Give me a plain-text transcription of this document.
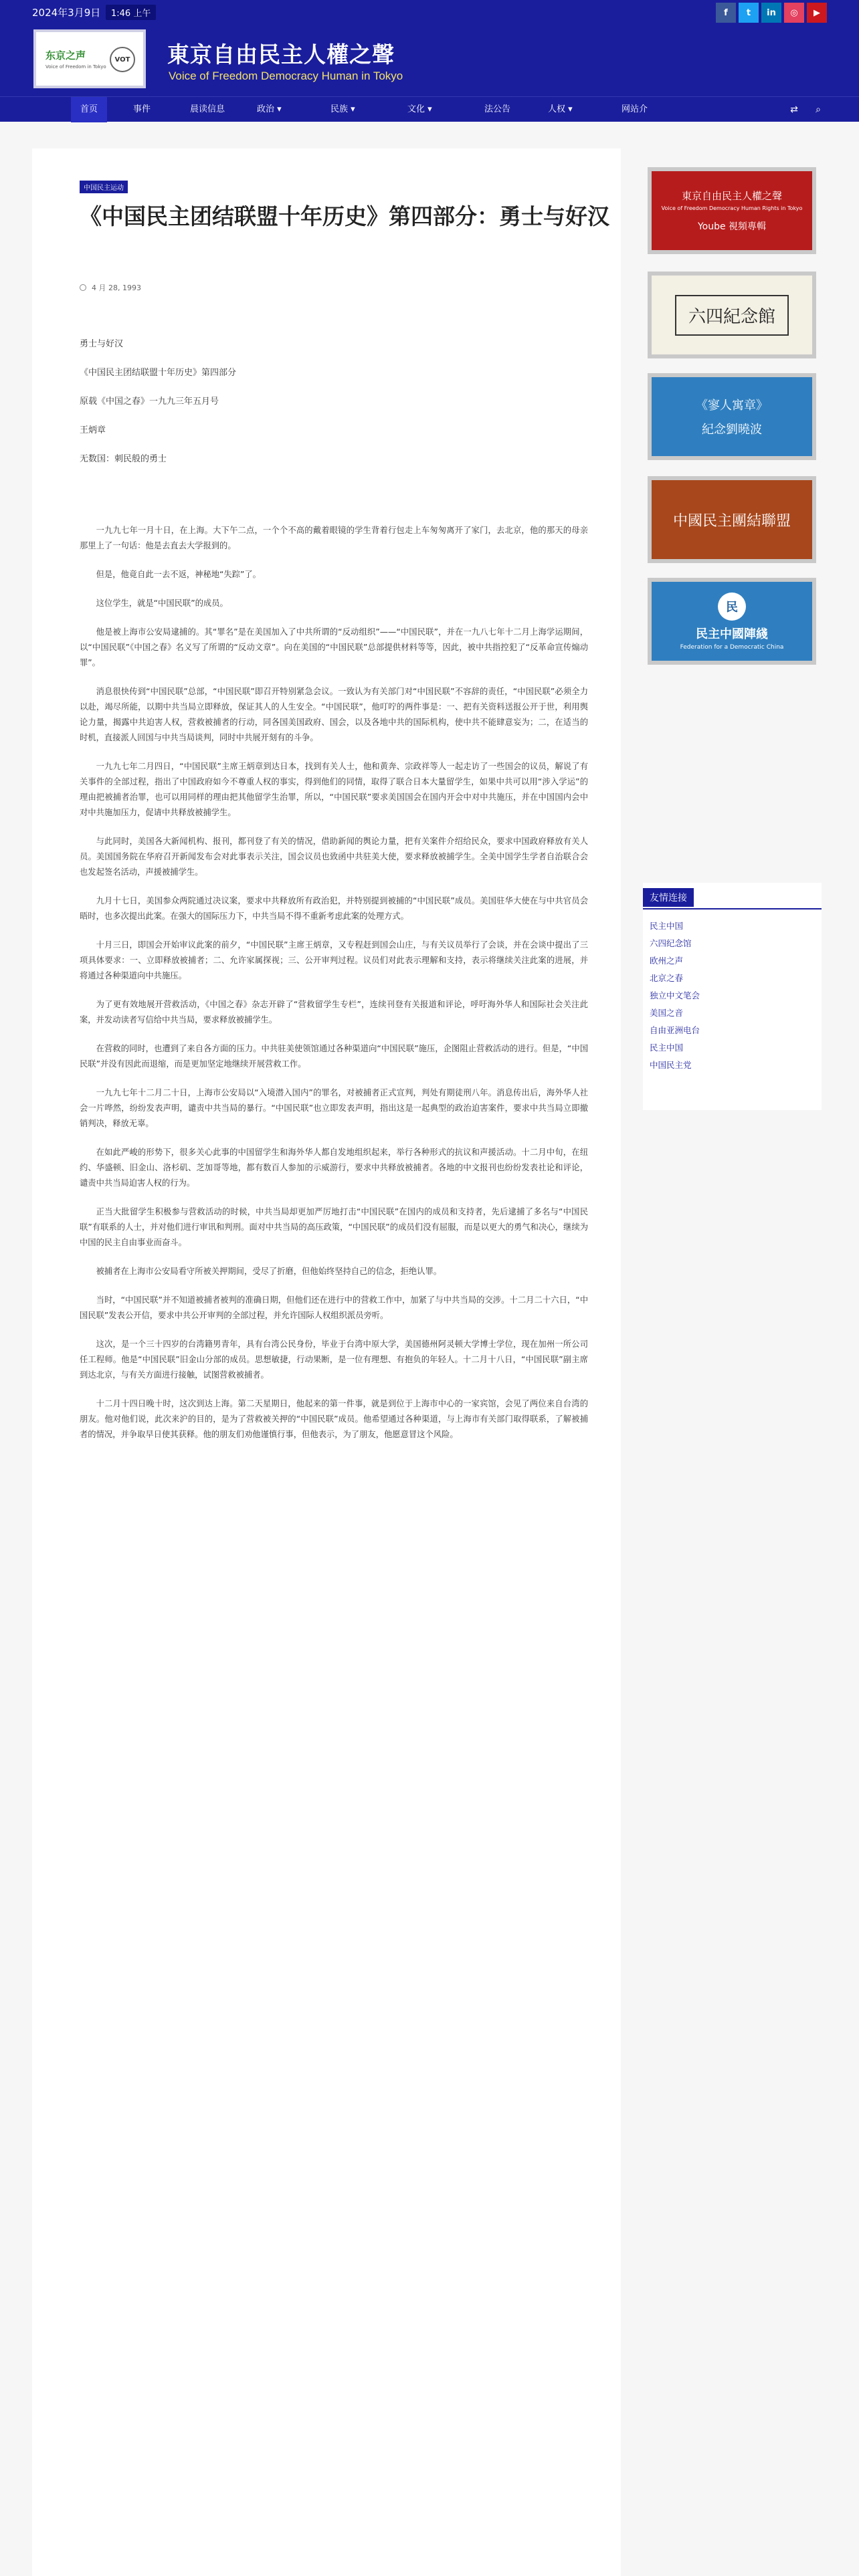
2024年3月9日	1:46 上午	f	t	in	◎	▶
东京之声
Voice of Freedom in Tokyo
VOT 東京自由民主人權之聲
Voice of Freedom Democracy Human in Tokyo
首页	事件	晨读信息	政治 ▾	民族 ▾	文化 ▾	法公告	人权 ▾	网站介	⇄	⌕
中国民主运动
《中国民主团结联盟十年历史》第四部分：勇士与好汉
4 月 28, 1993

勇士与好汉

《中国民主团结联盟十年历史》第四部分

原载《中国之春》一九九三年五月号

王炳章

无数国：刺民般的勇士

一九九七年一月十日，在上海。大下午二点，一个个不高的戴着眼镜的学生背着行包走上车匆匆离开了家门，去北京，他的那天的母亲那里上了一句话：他是去直去大学报到的。

但是，他竟自此一去不返，神秘地“失踪”了。

这位学生，就是“中国民联”的成员。

他是被上海市公安局逮捕的。其“罪名”是在美国加入了中共所谓的“反动组织”——“中国民联”，并在一九八七年十二月上海学运期间，以“中国民联”《中国之春》名义写了所谓的“反动文章”。向在美国的“中国民联”总部提供材料等等，因此，被中共指控犯了“反革命宣传煽动罪”。

消息很快传到“中国民联”总部，“中国民联”即召开特别紧急会议。一致认为有关部门对“中国民联”不容辞的责任，“中国民联”必须全力以赴，竭尽所能，以期中共当局立即释放，保证其人的人生安全。“中国民联”，他叮咛的两件事是：一、把有关资料送报公开于世，利用舆论力量，揭露中共迫害人权，营救被捕者的行动，同各国美国政府、国会，以及各地中共的国际机构，使中共不能肆意妄为；二，在适当的时机，直接派人回国与中共当局谈判，同时中共展开刻有的斗争。

一九九七年二月四日，“中国民联”主席王炳章到达日本，找到有关人士，他和黄奔、宗政祥等人一起走访了一些国会的议员，解说了有关事件的全部过程，指出了中国政府如今不尊重人权的事实，得到他们的同情，取得了联合日本大量留学生，如果中共可以用“涉入学运”的理由把被捕者治罪，也可以用同样的理由把其他留学生治罪，所以，“中国民联”要求美国国会在国内开会中对中共施压，并在中国国内会中对中共施加压力，促请中共释放被捕学生。

与此同时，美国各大新闻机构、报刊，都刊登了有关的情况，借助新闻的舆论力量，把有关案件介绍给民众，要求中国政府释放有关人员。美国国务院在华府召开新闻发布会对此事表示关注，国会议员也致函中共驻美大使，要求释放被捕学生。全美中国学生学者自治联合会也发起签名活动，声援被捕学生。

九月十七日，美国参众两院通过决议案，要求中共释放所有政治犯，并特别提到被捕的“中国民联”成员。美国驻华大使在与中共官员会晤时，也多次提出此案。在强大的国际压力下，中共当局不得不重新考虑此案的处理方式。

十月三日，即国会开始审议此案的前夕，“中国民联”主席王炳章，又专程赶到国会山庄，与有关议员举行了会谈，并在会谈中提出了三项具体要求：一、立即释放被捕者；二、允许家属探视；三、公开审判过程。议员们对此表示理解和支持，表示将继续关注此案的进展，并将通过各种渠道向中共施压。

为了更有效地展开营救活动，《中国之春》杂志开辟了“营救留学生专栏”，连续刊登有关报道和评论，呼吁海外华人和国际社会关注此案，并发动读者写信给中共当局，要求释放被捕学生。

在营救的同时，也遭到了来自各方面的压力。中共驻美使领馆通过各种渠道向“中国民联”施压，企图阻止营救活动的进行。但是，“中国民联”并没有因此而退缩，而是更加坚定地继续开展营救工作。

一九九七年十二月二十日，上海市公安局以“入境潜入国内”的罪名，对被捕者正式宣判，判处有期徒刑八年。消息传出后，海外华人社会一片哗然，纷纷发表声明，谴责中共当局的暴行。“中国民联”也立即发表声明，指出这是一起典型的政治迫害案件，要求中共当局立即撤销判决，释放无辜。

在如此严峻的形势下，很多关心此事的中国留学生和海外华人都自发地组织起来，举行各种形式的抗议和声援活动。十二月中旬，在纽约、华盛顿、旧金山、洛杉矶、芝加哥等地，都有数百人参加的示威游行，要求中共释放被捕者。各地的中文报刊也纷纷发表社论和评论，谴责中共当局迫害人权的行为。

正当大批留学生积极参与营救活动的时候，中共当局却更加严厉地打击“中国民联”在国内的成员和支持者，先后逮捕了多名与“中国民联”有联系的人士，并对他们进行审讯和判刑。面对中共当局的高压政策，“中国民联”的成员们没有屈服，而是以更大的勇气和决心，继续为中国的民主自由事业而奋斗。

被捕者在上海市公安局看守所被关押期间，受尽了折磨，但他始终坚持自己的信念，拒绝认罪。

当时，“中国民联”并不知道被捕者被判的准确日期，但他们还在进行中的营救工作中，加紧了与中共当局的交涉。十二月二十六日，“中国民联”发表公开信，要求中共公开审判的全部过程，并允许国际人权组织派员旁听。

这次，是一个三十四岁的台湾籍男青年，具有台湾公民身份，毕业于台湾中原大学，美国德州阿灵顿大学博士学位，现在加州一所公司任工程师。他是“中国民联”旧金山分部的成员。思想敏捷，行动果断，是一位有理想、有抱负的年轻人。十二月十八日，“中国民联”副主席到达北京，与有关方面进行接触，试图营救被捕者。

十二月十四日晚十时，这次到达上海。第二天星期日，他起来的第一件事，就是到位于上海市中心的一家宾馆，会见了两位来自台湾的朋友。他对他们说，此次来沪的目的，是为了营救被关押的“中国民联”成员。他希望通过各种渠道，与上海市有关部门取得联系，了解被捕者的情况，并争取早日使其获释。他的朋友们劝他谨慎行事，但他表示，为了朋友，他愿意冒这个风险。

東京自由民主人權之聲
Voice of Freedom Democracy Human Rights in Tokyo
Yoube 視頻專輯
六四紀念館
《寥人寓章》
紀念劉曉波
中國民主團結聯盟
民
民主中國陣綫
Federation for a Democratic China
友情连接
民主中国
六四纪念馆
欧州之声
北京之春
独立中文笔会
美国之音
自由亚洲电台
民主中国
中国民主党
